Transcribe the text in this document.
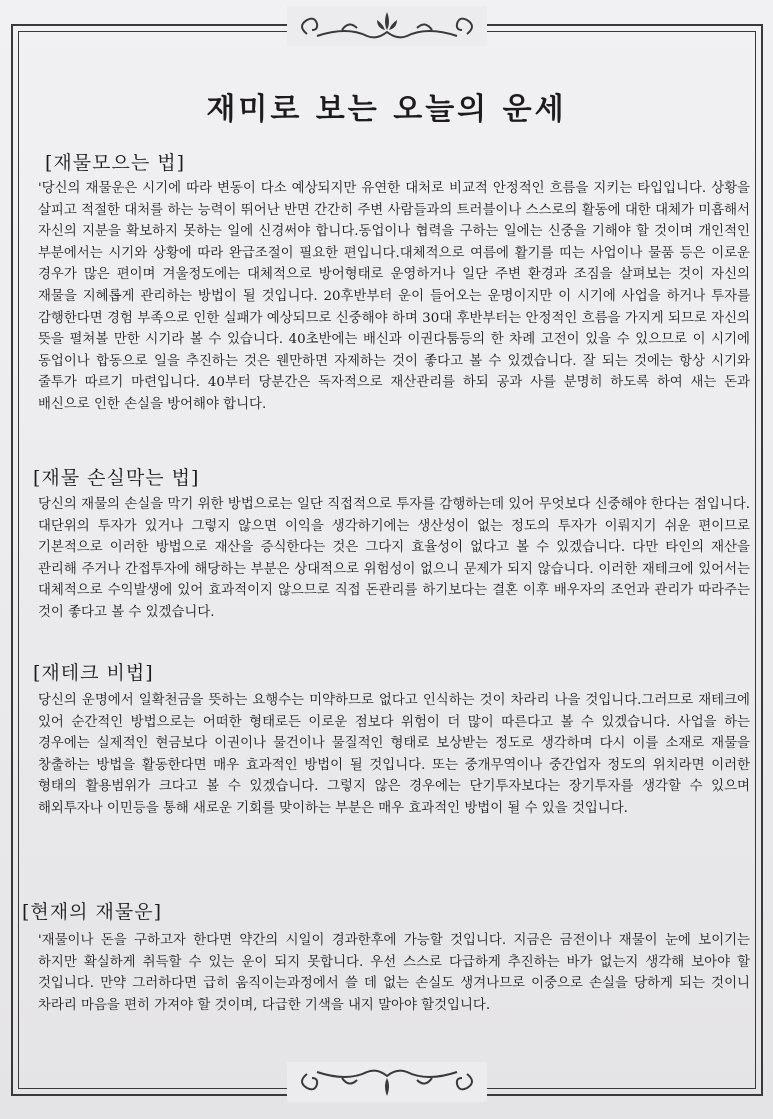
재미로 보는 오늘의 운세
[재물모으는 법]

'당신의 재물운은 시기에 따라 변동이 다소 예상되지만 유연한 대처로 비교적 안정적인 흐름을 지키는 타입입니다. 상황을 살피고 적절한 대처를 하는 능력이 뛰어난 반면 간간히 주변 사람들과의 트러블이나 스스로의 활동에 대한 대체가 미흡해서 자신의 지분을 확보하지 못하는 일에 신경써야 합니다.동업이나 협력을 구하는 일에는 신중을 기해야 할 것이며 개인적인 부분에서는 시기와 상황에 따라 완급조절이 필요한 편입니다.대체적으로 여름에 활기를 띠는 사업이나 물품 등은 이로운 경우가 많은 편이며 겨울정도에는 대체적으로 방어형태로 운영하거나 일단 주변 환경과 조짐을 살펴보는 것이 자신의 재물을 지혜롭게 관리하는 방법이 될 것입니다. 20후반부터 운이 들어오는 운명이지만 이 시기에 사업을 하거나 투자를 감행한다면 경험 부족으로 인한 실패가 예상되므로 신중해야 하며 30대 후반부터는 안정적인 흐름을 가지게 되므로 자신의 뜻을 펼쳐볼 만한 시기라 볼 수 있습니다. 40초반에는 배신과 이권다툼등의 한 차례 고전이 있을 수 있으므로 이 시기에 동업이나 합동으로 일을 추진하는 것은 웬만하면 자제하는 것이 좋다고 볼 수 있겠습니다. 잘 되는 것에는 항상 시기와 줄투가 따르기 마련입니다. 40부터 당분간은 독자적으로 재산관리를 하되 공과 사를 분명히 하도록 하여 새는 돈과 배신으로 인한 손실을 방어해야 합니다.

[재물 손실막는 법]

당신의 재물의 손실을 막기 위한 방법으로는 일단 직접적으로 투자를 감행하는데 있어 무엇보다 신중해야 한다는 점입니다. 대단위의 투자가 있거나 그렇지 않으면 이익을 생각하기에는 생산성이 없는 정도의 투자가 이뤄지기 쉬운 편이므로 기본적으로 이러한 방법으로 재산을 증식한다는 것은 그다지 효율성이 없다고 볼 수 있겠습니다. 다만 타인의 재산을 관리해 주거나 간접투자에 해당하는 부분은 상대적으로 위험성이 없으니 문제가 되지 않습니다. 이러한 재테크에 있어서는 대체적으로 수익발생에 있어 효과적이지 않으므로 직접 돈관리를 하기보다는 결혼 이후 배우자의 조언과 관리가 따라주는 것이 좋다고 볼 수 있겠습니다.

[재테크 비법]

당신의 운명에서 일확천금을 뜻하는 요행수는 미약하므로 없다고 인식하는 것이 차라리 나을 것입니다.그러므로 재테크에 있어 순간적인 방법으로는 어떠한 형태로든 이로운 점보다 위험이 더 많이 따른다고 볼 수 있겠습니다. 사업을 하는 경우에는 실제적인 현금보다 이권이나 물건이나 물질적인 형태로 보상받는 정도로 생각하며 다시 이를 소재로 재물을 창출하는 방법을 활동한다면 매우 효과적인 방법이 될 것입니다. 또는 중개무역이나 중간업자 정도의 위치라면 이러한 형태의 활용범위가 크다고 볼 수 있겠습니다. 그렇지 않은 경우에는 단기투자보다는 장기투자를 생각할 수 있으며 해외투자나 이민등을 통해 새로운 기회를 맞이하는 부분은 매우 효과적인 방법이 될 수 있을 것입니다.

[현재의 재물운]

'재물이나 돈을 구하고자 한다면 약간의 시일이 경과한후에 가능할 것입니다. 지금은 금전이나 재물이 눈에 보이기는 하지만 확실하게 취득할 수 있는 운이 되지 못합니다. 우선 스스로 다급하게 추진하는 바가 없는지 생각해 보아야 할 것입니다. 만약 그러하다면 급히 움직이는과정에서 쓸 데 없는 손실도 생겨나므로 이중으로 손실을 당하게 되는 것이니 차라리 마음을 편히 가져야 할 것이며, 다급한 기색을 내지 말아야 할것입니다.
